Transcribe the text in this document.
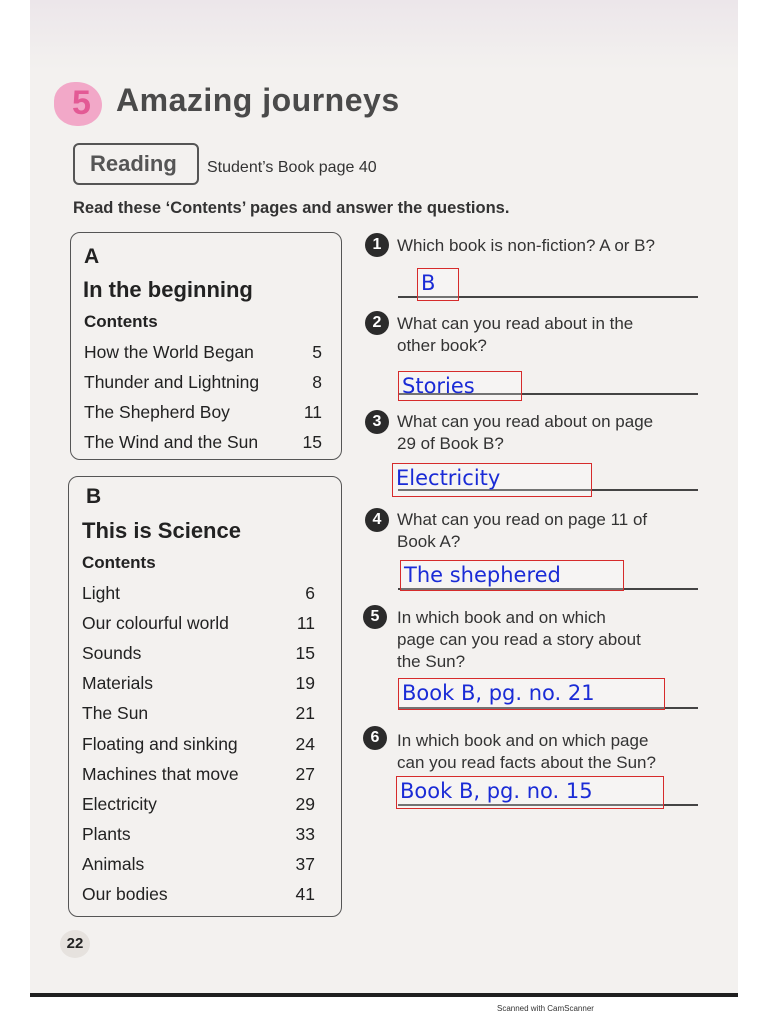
Scanned with CamScanner
5 Amazing journeys
Reading	Student’s Book page 40
Read these ‘Contents’ pages and answer the questions.
A
In the beginning
Contents
How the World Began	5
Thunder and Lightning	8
The Shepherd Boy	11
The Wind and the Sun	15
B
This is Science
Contents
Light	6
Our colourful world	11
Sounds	15
Materials	19
The Sun	21
Floating and sinking	24
Machines that move	27
Electricity	29
Plants	33
Animals	37
Our bodies	41
1 Which book is non-fiction? A or B?
B
2 What can you read about in the
other book?
Stories
3 What can you read about on page
29 of Book B?
Electricity
4 What can you read on page 11 of
Book A?
The shephered
5	In which book and on which
page can you read a story about
the Sun?
Book B, pg. no. 21
6	In which book and on which page
can you read facts about the Sun?
Book B, pg. no. 15
22
